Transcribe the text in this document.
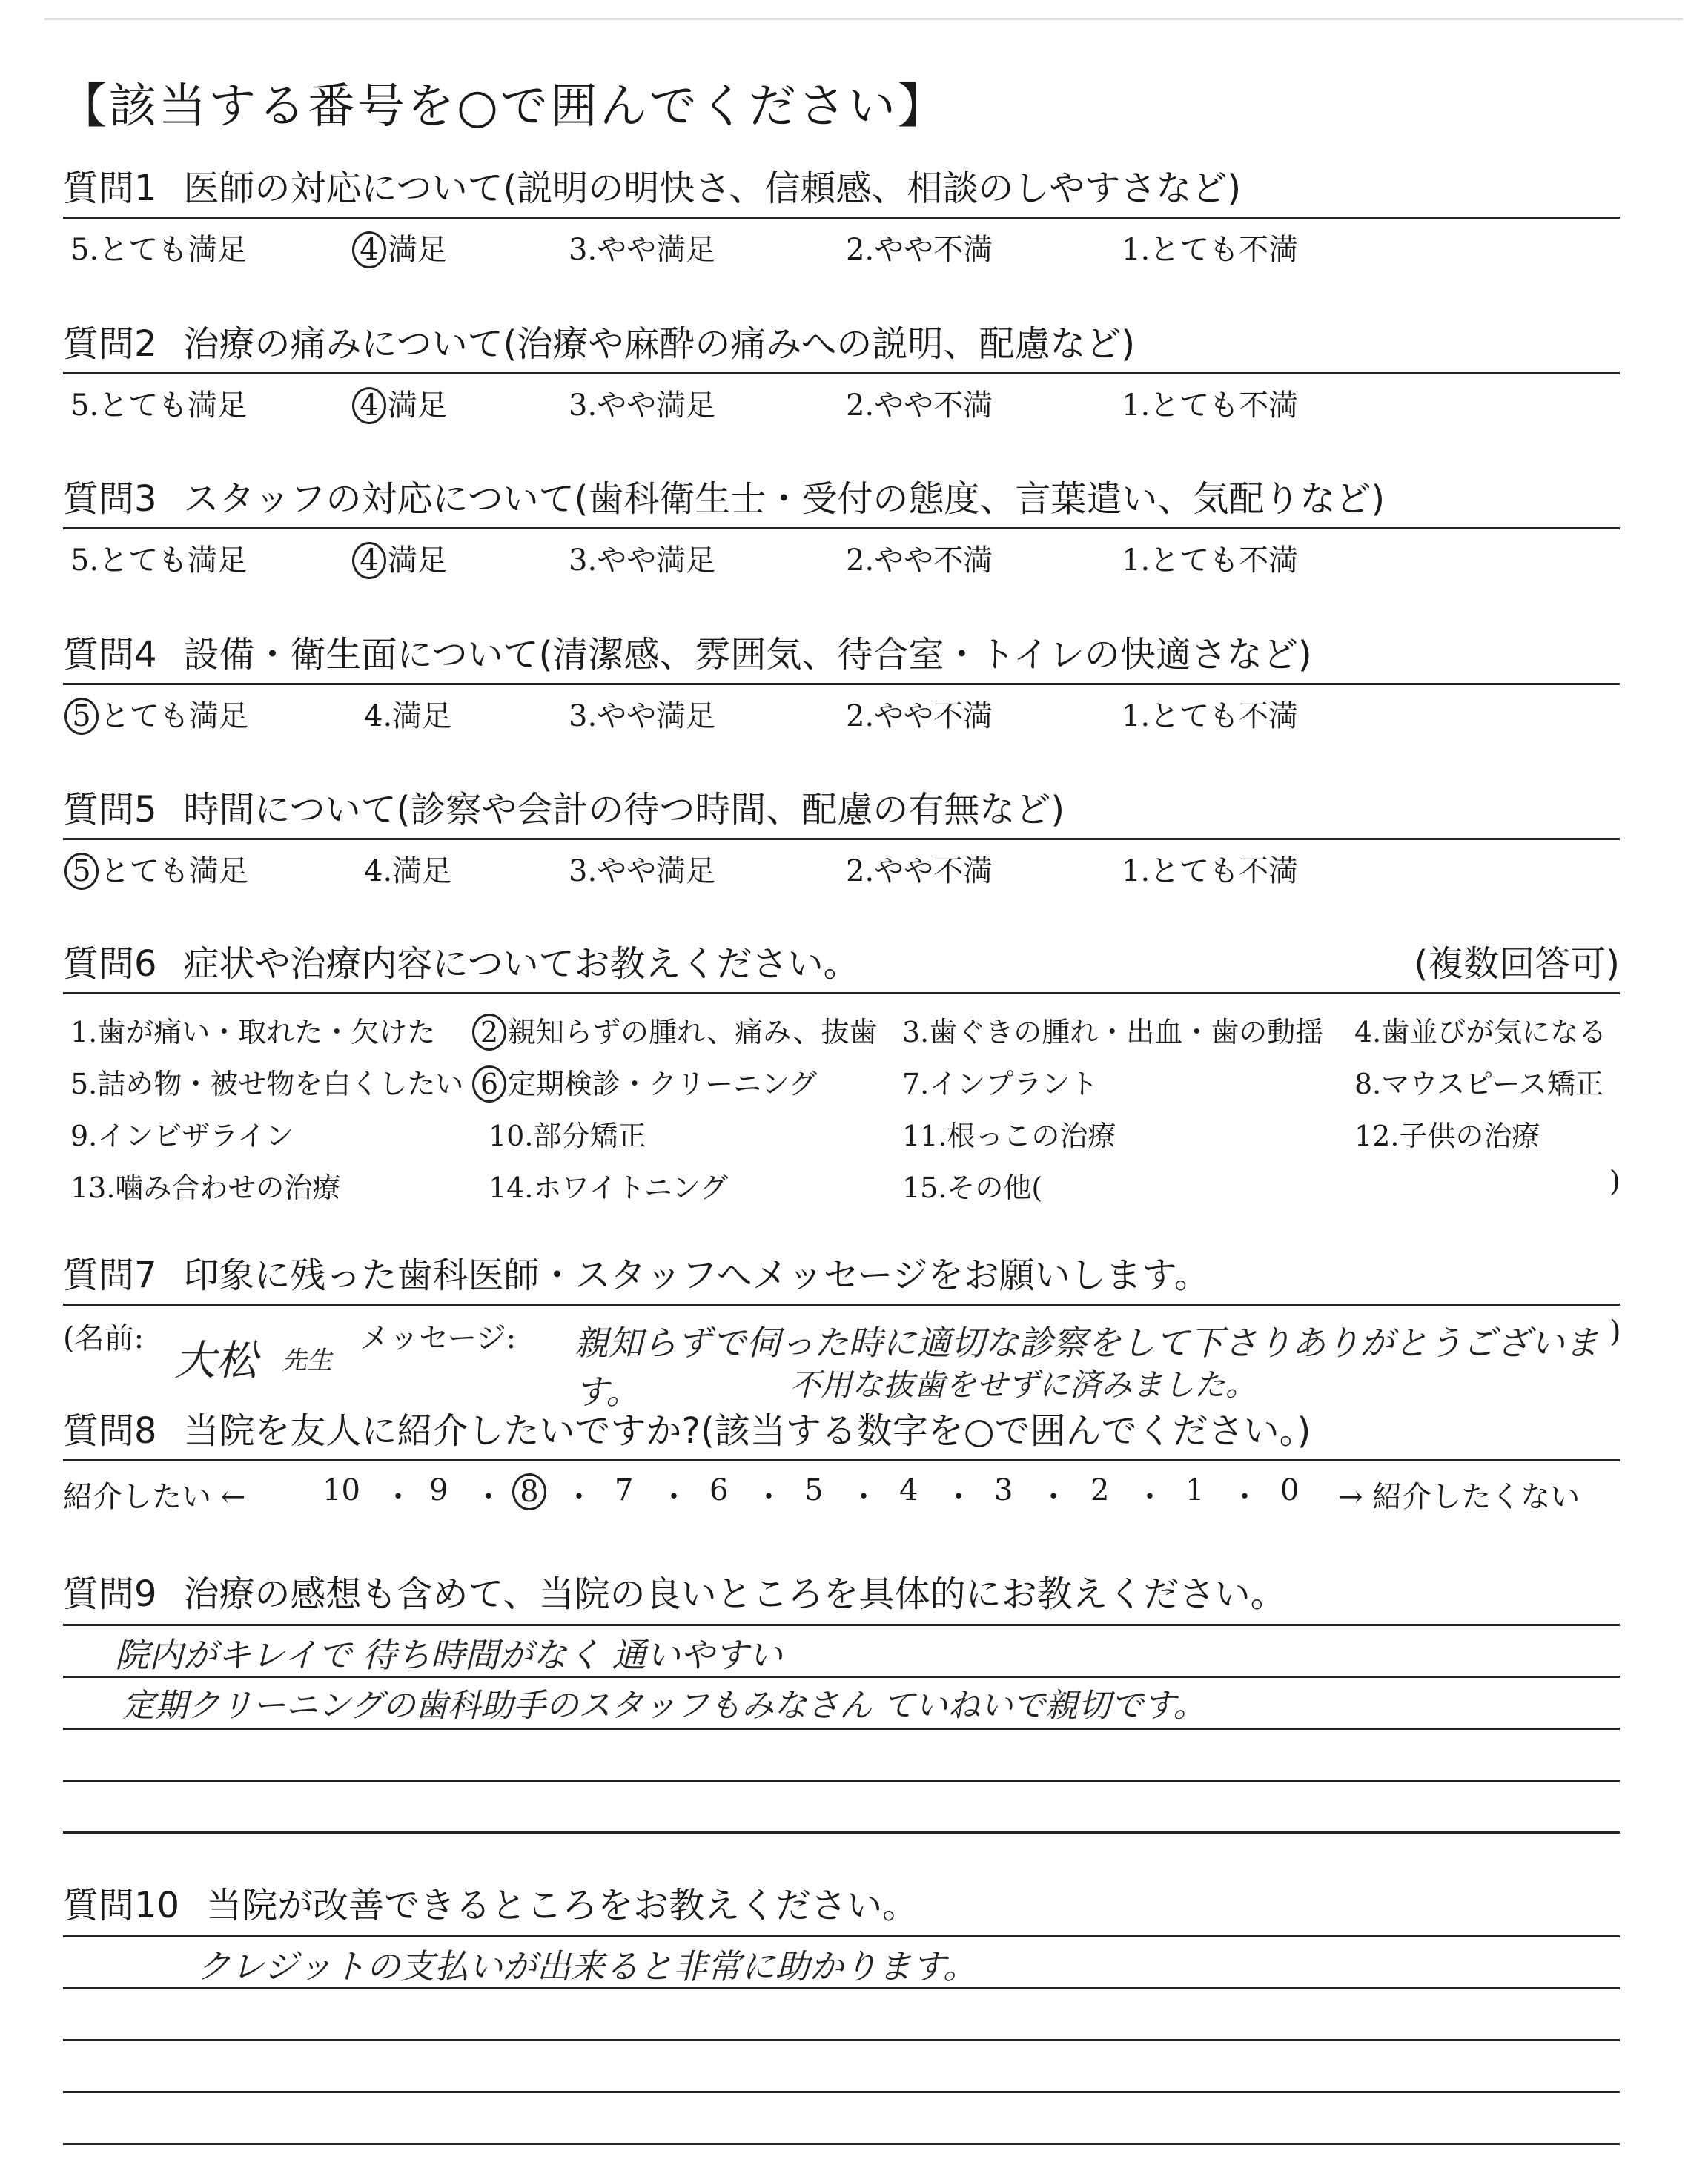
【該当する番号を○で囲んでください】
質問1 医師の対応について(説明の明快さ、信頼感、相談のしやすさなど)
5.とても満足	4 満足	3.やや満足	2.やや不満	1.とても不満
質問2 治療の痛みについて(治療や麻酔の痛みへの説明、配慮など)
5.とても満足	4 満足	3.やや満足	2.やや不満	1.とても不満
質問3 スタッフの対応について(歯科衛生士・受付の態度、言葉遣い、気配りなど)
5.とても満足	4 満足	3.やや満足	2.やや不満	1.とても不満
質問4 設備・衛生面について(清潔感、雰囲気、待合室・トイレの快適さなど)
5 とても満足	4.満足	3.やや満足	2.やや不満	1.とても不満
質問5 時間について(診察や会計の待つ時間、配慮の有無など)
5 とても満足	4.満足	3.やや満足	2.やや不満	1.とても不満
質問6 症状や治療内容についてお教えください。	(複数回答可)
1.歯が痛い・取れた・欠けた 2 親知らずの腫れ、痛み、抜歯 3.歯ぐきの腫れ・出血・歯の動揺 4.歯並びが気になる
5.詰め物・被せ物を白くしたい 6 定期検診・クリーニング	7.インプラント	8.マウスピース矯正
9.インビザライン	10.部分矯正	11.根っこの治療	12.子供の治療
13.噛み合わせの治療	14.ホワイトニング	15.その他(	)
質問7 印象に残った歯科医師・スタッフへメッセージをお願いします。
(名前: 大松 先生
メッセージ: 親知らずで伺った時に適切な診察をして下さりありがとうございます。	不用な抜歯をせずに済みました。
)
質問8 当院を友人に紹介したいですか?(該当する数字を○で囲んでください。)
紹介したい ←	10 ・ 9 ・ 8 ・ 7 ・ 6 ・ 5 ・ 4 ・ 3 ・ 2 ・ 1 ・ 0 → 紹介したくない
質問9 治療の感想も含めて、当院の良いところを具体的にお教えください。
院内がキレイで 待ち時間がなく 通いやすい
定期クリーニングの歯科助手のスタッフもみなさん ていねいで親切です。
質問10 当院が改善できるところをお教えください。
クレジットの支払いが出来ると非常に助かります。
